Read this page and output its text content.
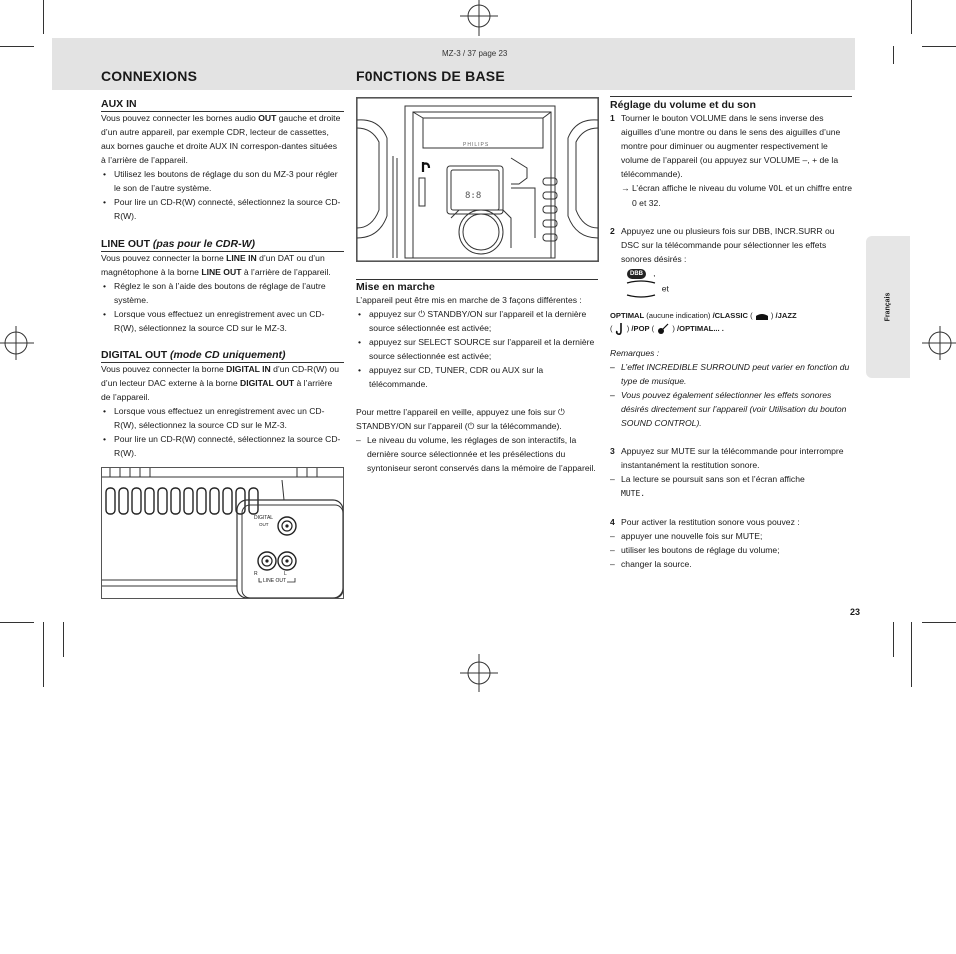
MZ-3 / 37 page 23
CONNEXIONS	F0NCTIONS DE BASE
AUX IN

Vous pouvez connecter les bornes audio OUT gauche et droite d’un autre appareil, par exemple CDR, lecteur de cassettes, aux bornes gauche et droite AUX IN correspon-dantes situées à l’arrière de l’appareil.

• Utilisez les boutons de réglage du son du MZ-3 pour régler le son de l’autre système.

• Pour lire un CD-R(W) connecté, sélectionnez la source CD-R(W).

LINE OUT (pas pour le CDR-W)

Vous pouvez connecter la borne LINE IN d’un DAT ou d’un magnétophone à la borne LINE OUT à l’arrière de l’appareil.

• Réglez le son à l’aide des boutons de réglage de l’autre système.

• Lorsque vous effectuez un enregistrement avec un CD-R(W), sélectionnez la source CD sur le MZ-3.

DIGITAL OUT (mode CD uniquement)

Vous pouvez connecter la borne DIGITAL IN d’un CD-R(W) ou d’un lecteur DAC externe à la borne DIGITAL OUT à l’arrière de l’appareil.

• Lorsque vous effectuez un enregistrement avec un CD-R(W), sélectionnez la source CD sur le MZ-3.

• Pour lire un CD-R(W) connecté, sélectionnez la source CD-R(W).

DIGITAL
OUT
R	L
LINE OUT
8:8
PHILIPS
Mise en marche

L’appareil peut être mis en marche de 3 façons différentes :

• appuyez sur ⏻ STANDBY/ON sur l’appareil et la dernière source sélectionnée est activée;

• appuyez sur SELECT SOURCE sur l’appareil et la dernière source sélectionnée est activée;

• appuyez sur CD, TUNER, CDR ou AUX sur la télécommande.

Pour mettre l’appareil en veille, appuyez une fois sur ⏻ STANDBY/ON sur l’appareil (⏻ sur la télécommande).

– Le niveau du volume, les réglages de son interactifs, la dernière source sélectionnée et les présélections du syntoniseur seront conservés dans la mémoire de l’appareil.

Réglage du volume et du son

1 Tourner le bouton VOLUME dans le sens inverse des aiguilles d’une montre ou dans le sens des aiguilles d’une montre pour diminuer ou augmenter respectivement le volume de l’appareil (ou appuyez sur VOLUME –, + de la télécommande).

→ L’écran affiche le niveau du volume VOL et un chiffre entre 0 et 32.

2 Appuyez une ou plusieurs fois sur DBB, INCR.SURR ou DSC sur la télécommande pour sélectionner les effets sonores désirés :

DBB ,

et

OPTIMAL (aucune indication) /CLASSIC (  ) /JAZZ

(  ) /POP (  ) /OPTIMAL... .

Remarques :

– L’effet INCREDIBLE SURROUND peut varier en fonction du type de musique.

– Vous pouvez également sélectionner les effets sonores désirés directement sur l’appareil (voir Utilisation du bouton SOUND CONTROL).

3 Appuyez sur MUTE sur la télécommande pour interrompre instantanément la restitution sonore.

– La lecture se poursuit sans son et l’écran affiche
MUTE.

4 Pour activer la restitution sonore vous pouvez :

– appuyer une nouvelle fois sur MUTE;

– utiliser les boutons de réglage du volume;

– changer la source.

Français
23
